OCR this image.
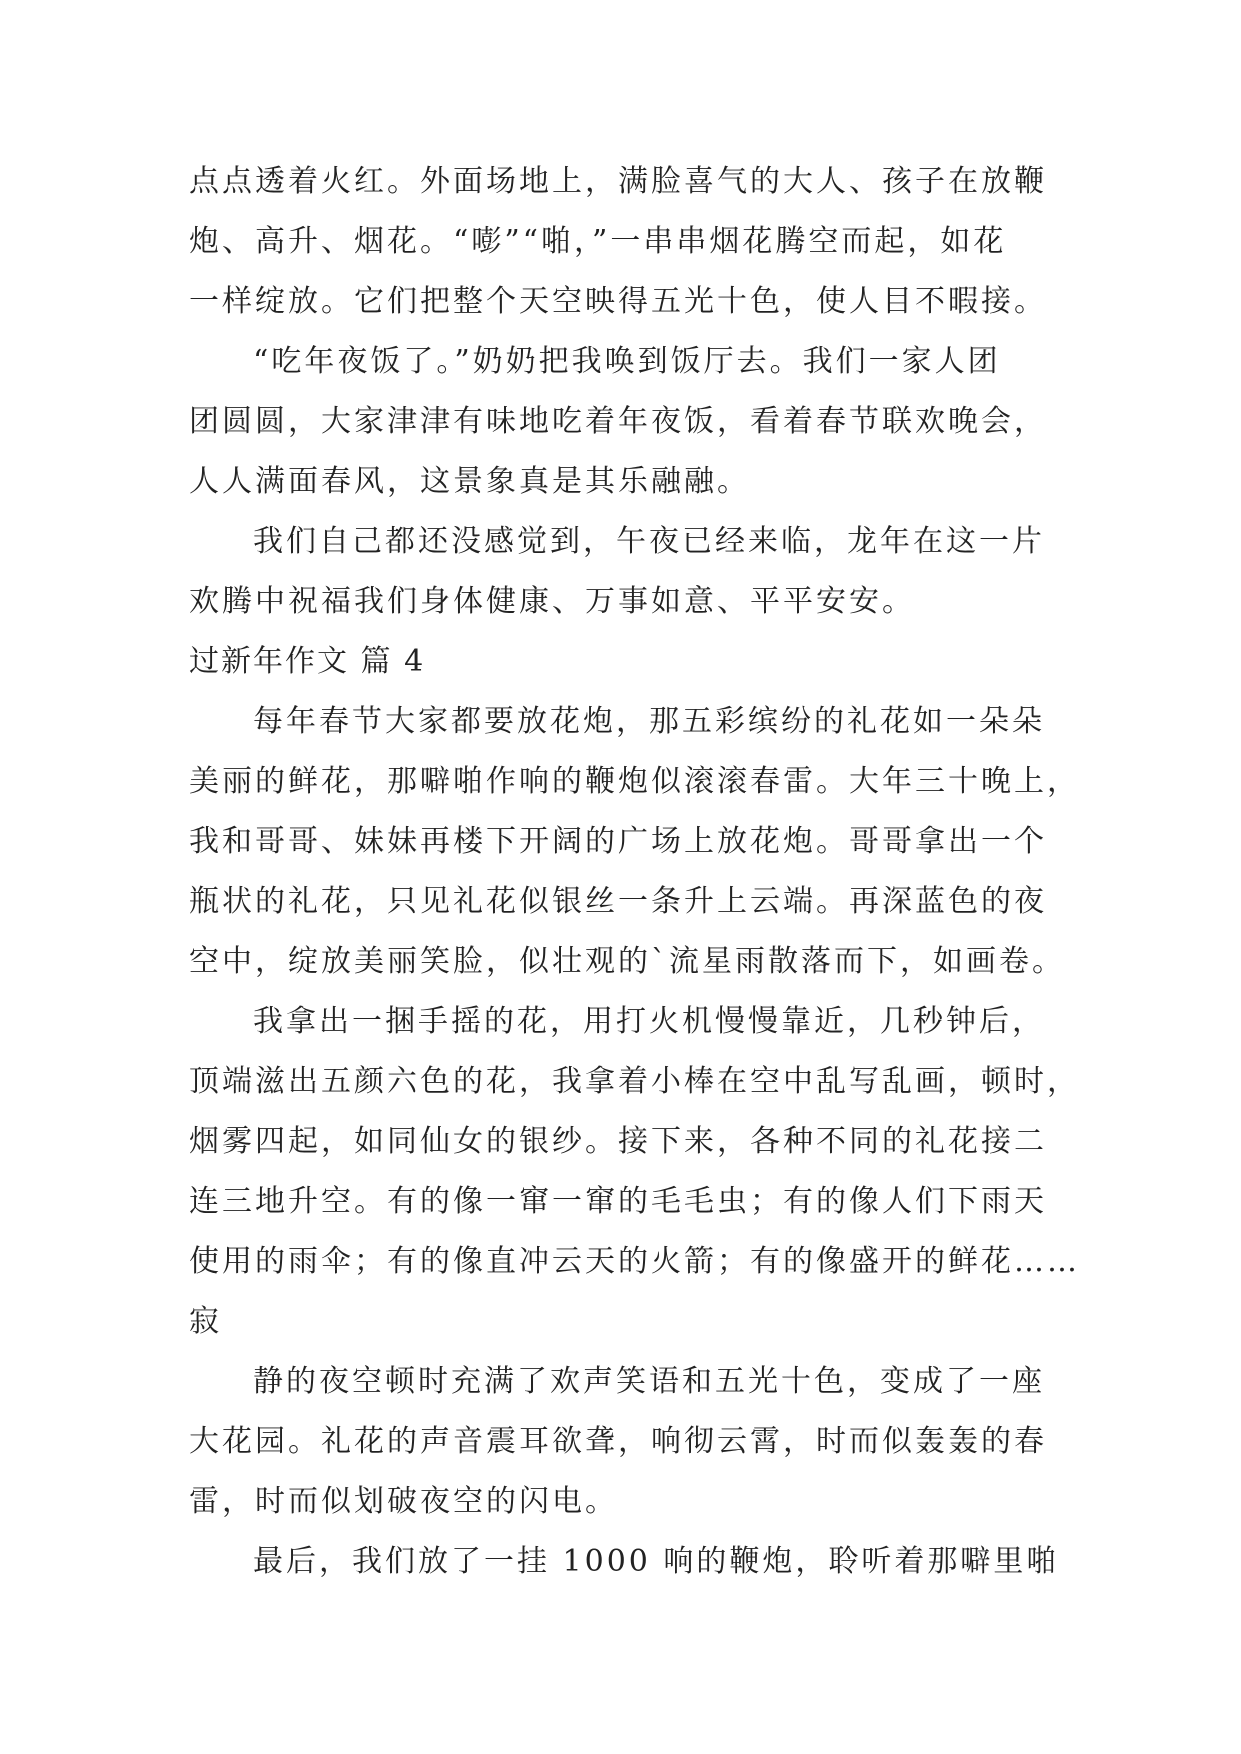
点点透着火红。外面场地上，满脸喜气的大人、孩子在放鞭
炮、高升、烟花。“嘭”“啪，”一串串烟花腾空而起，如花
一样绽放。它们把整个天空映得五光十色，使人目不暇接。
“吃年夜饭了。”奶奶把我唤到饭厅去。我们一家人团
团圆圆，大家津津有味地吃着年夜饭，看着春节联欢晚会，
人人满面春风，这景象真是其乐融融。
我们自己都还没感觉到，午夜已经来临，龙年在这一片
欢腾中祝福我们身体健康、万事如意、平平安安。
过新年作文 篇 4
每年春节大家都要放花炮，那五彩缤纷的礼花如一朵朵
美丽的鲜花，那噼啪作响的鞭炮似滚滚春雷。大年三十晚上，
我和哥哥、妹妹再楼下开阔的广场上放花炮。哥哥拿出一个
瓶状的礼花，只见礼花似银丝一条升上云端。再深蓝色的夜
空中，绽放美丽笑脸，似壮观的`流星雨散落而下，如画卷。
我拿出一捆手摇的花，用打火机慢慢靠近，几秒钟后，
顶端滋出五颜六色的花，我拿着小棒在空中乱写乱画，顿时，
烟雾四起，如同仙女的银纱。接下来，各种不同的礼花接二
连三地升空。有的像一窜一窜的毛毛虫；有的像人们下雨天
使用的雨伞；有的像直冲云天的火箭；有的像盛开的鲜花……
寂
静的夜空顿时充满了欢声笑语和五光十色，变成了一座
大花园。礼花的声音震耳欲聋，响彻云霄，时而似轰轰的春
雷，时而似划破夜空的闪电。
最后，我们放了一挂 1000 响的鞭炮，聆听着那噼里啪
